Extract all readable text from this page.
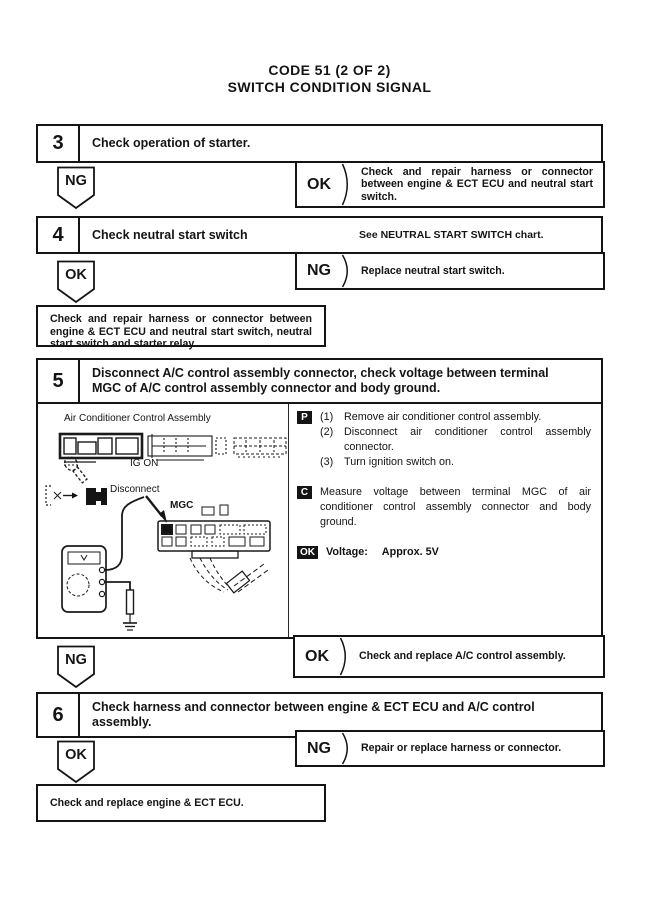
CODE 51 (2 OF 2)
SWITCH CONDITION SIGNAL
3	Check operation of starter.
NG	OK
Check and repair harness or connector between engine & ECT ECU and neutral start switch.
4	Check neutral start switch	See NEUTRAL START SWITCH chart.
OK	NG	Replace neutral start switch.
Check and repair harness or connector between engine & ECT ECU and neutral start switch, neutral start switch and starter relay.
5	Disconnect A/C control assembly connector, check voltage between terminal MGC of A/C control assembly connector and body ground.
Air Conditioner Control Assembly
IG ON
Disconnect
MGC
P	(1) Remove air conditioner control assembly.
(2) Disconnect air conditioner control assembly connector.
(3) Turn ignition switch on.
C	Measure voltage between terminal MGC of air conditioner control assembly connector and body ground.
OK Voltage: Approx. 5V
NG	OK	Check and replace A/C control assembly.
6	Check harness and connector between engine & ECT ECU and A/C control assembly.
OK	NG	Repair or replace harness or connector.
Check and replace engine & ECT ECU.
